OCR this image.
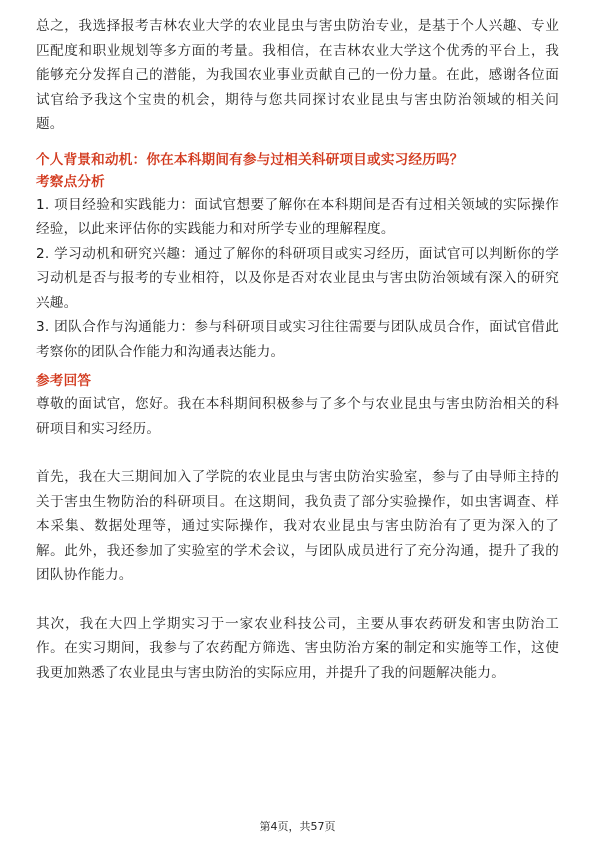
总之，我选择报考吉林农业大学的农业昆虫与害虫防治专业，是基于个人兴趣、专业匹配度和职业规划等多方面的考量。我相信，在吉林农业大学这个优秀的平台上，我能够充分发挥自己的潜能，为我国农业事业贡献自己的一份力量。在此，感谢各位面试官给予我这个宝贵的机会，期待与您共同探讨农业昆虫与害虫防治领域的相关问题。

个人背景和动机：你在本科期间有参与过相关科研项目或实习经历吗？

考察点分析

1. 项目经验和实践能力：面试官想要了解你在本科期间是否有过相关领域的实际操作经验，以此来评估你的实践能力和对所学专业的理解程度。

2. 学习动机和研究兴趣：通过了解你的科研项目或实习经历，面试官可以判断你的学习动机是否与报考的专业相符，以及你是否对农业昆虫与害虫防治领域有深入的研究兴趣。

3. 团队合作与沟通能力：参与科研项目或实习往往需要与团队成员合作，面试官借此考察你的团队合作能力和沟通表达能力。

参考回答

尊敬的面试官，您好。我在本科期间积极参与了多个与农业昆虫与害虫防治相关的科研项目和实习经历。

首先，我在大三期间加入了学院的农业昆虫与害虫防治实验室，参与了由导师主持的关于害虫生物防治的科研项目。在这期间，我负责了部分实验操作，如虫害调查、样本采集、数据处理等，通过实际操作，我对农业昆虫与害虫防治有了更为深入的了解。此外，我还参加了实验室的学术会议，与团队成员进行了充分沟通，提升了我的团队协作能力。

其次，我在大四上学期实习于一家农业科技公司，主要从事农药研发和害虫防治工作。在实习期间，我参与了农药配方筛选、害虫防治方案的制定和实施等工作，这使我更加熟悉了农业昆虫与害虫防治的实际应用，并提升了我的问题解决能力。

第4页，共57页
